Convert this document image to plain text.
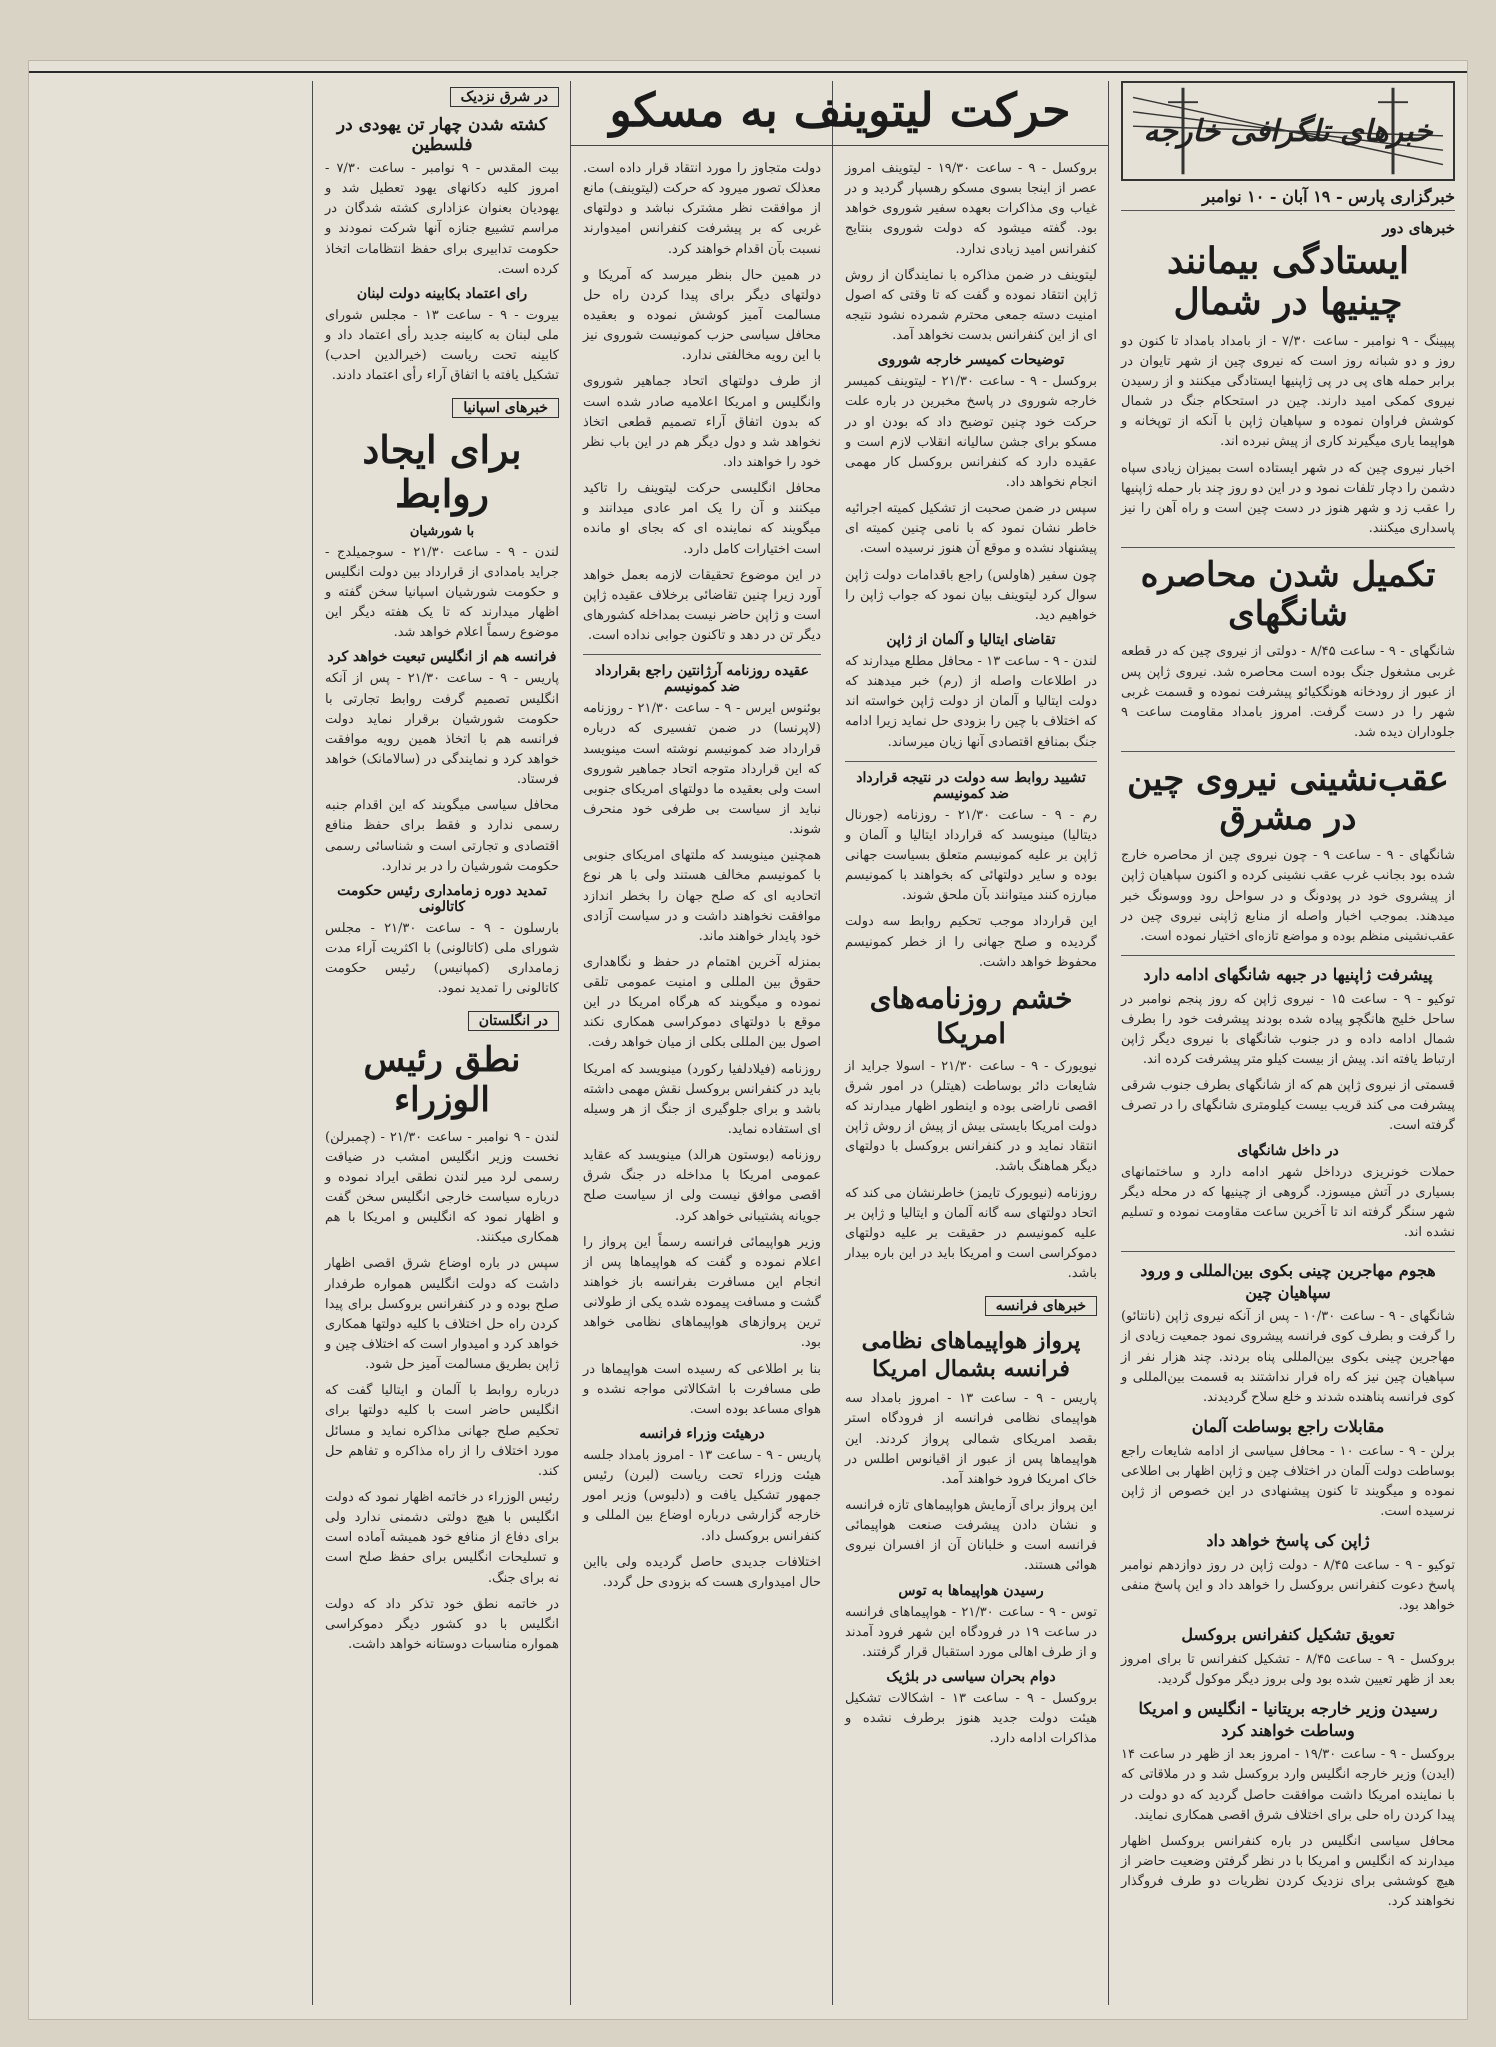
خبرهای تلگرافی خارجه
خبرگزاری پارس - ۱۹ آبان - ۱۰ نوامبر
خبرهای دور
ایستادگی بیمانند چینیها در شمال

پیپینگ - ۹ نوامبر - ساعت ۷/۳۰ - از بامداد بامداد تا کنون دو روز و دو شبانه روز است که نیروی چین از شهر تایوان در برابر حمله های پی در پی ژاپنیها ایستادگی میکنند و از رسیدن نیروی کمکی امید دارند. چین در استحکام جنگ در شمال کوشش فراوان نموده و سپاهیان ژاپن با آنکه از توپخانه و هواپیما یاری میگیرند کاری از پیش نبرده اند.

اخبار نیروی چین که در شهر ایستاده است بمیزان زیادی سپاه دشمن را دچار تلفات نمود و در این دو روز چند بار حمله ژاپنیها را عقب زد و شهر هنوز در دست چین است و راه آهن را نیز پاسداری میکنند.

تکمیل شدن محاصره شانگهای

شانگهای - ۹ - ساعت ۸/۴۵ - دولتی از نیروی چین که در قطعه غربی مشغول جنگ بوده است محاصره شد. نیروی ژاپن پس از عبور از رودخانه هونگکیائو پیشرفت نموده و قسمت غربی شهر را در دست گرفت. امروز بامداد مقاومت ساعت ۹ جلوداران دیده شد.

عقب‌نشینی نیروی چین در مشرق

شانگهای - ۹ - ساعت ۹ - چون نیروی چین از محاصره خارج شده بود بجانب غرب عقب نشینی کرده و اکنون سپاهیان ژاپن از پیشروی خود در پودونگ و در سواحل رود ووسونگ خبر میدهند. بموجب اخبار واصله از منابع ژاپنی نیروی چین در عقب‌نشینی منظم بوده و مواضع تازه‌ای اختیار نموده است.

پیشرفت ژاپنیها در جبهه شانگهای ادامه دارد

توکیو - ۹ - ساعت ۱۵ - نیروی ژاپن که روز پنجم نوامبر در ساحل خلیج هانگچو پیاده شده بودند پیشرفت خود را بطرف شمال ادامه داده و در جنوب شانگهای با نیروی دیگر ژاپن ارتباط یافته اند. پیش از بیست کیلو متر پیشرفت کرده اند.

قسمتی از نیروی ژاپن هم که از شانگهای بطرف جنوب شرقی پیشرفت می کند قریب بیست کیلومتری شانگهای را در تصرف گرفته است.

در داخل شانگهای

حملات خونریزی درداخل شهر ادامه دارد و ساختمانهای بسیاری در آتش میسوزد. گروهی از چینیها که در محله دیگر شهر سنگر گرفته اند تا آخرین ساعت مقاومت نموده و تسلیم نشده اند.

هجوم مهاجرین چینی بکوی بین‌المللی و ورود سپاهیان چین

شانگهای - ۹ - ساعت ۱۰/۳۰ - پس از آنکه نیروی ژاپن (نانتائو) را گرفت و بطرف کوی فرانسه پیشروی نمود جمعیت زیادی از مهاجرین چینی بکوی بین‌المللی پناه بردند. چند هزار نفر از سپاهیان چین نیز که راه فرار نداشتند به قسمت بین‌المللی و کوی فرانسه پناهنده شدند و خلع سلاح گردیدند.

مقابلات راجع بوساطت آلمان

برلن - ۹ - ساعت ۱۰ - محافل سیاسی از ادامه شایعات راجع بوساطت دولت آلمان در اختلاف چین و ژاپن اظهار بی اطلاعی نموده و میگویند تا کنون پیشنهادی در این خصوص از ژاپن نرسیده است.

ژاپن کی پاسخ خواهد داد

توکیو - ۹ - ساعت ۸/۴۵ - دولت ژاپن در روز دوازدهم نوامبر پاسخ دعوت کنفرانس بروکسل را خواهد داد و این پاسخ منفی خواهد بود.

تعویق تشکیل کنفرانس بروکسل

بروکسل - ۹ - ساعت ۸/۴۵ - تشکیل کنفرانس تا برای امروز بعد از ظهر تعیین شده بود ولی بروز دیگر موکول گردید.

رسیدن وزیر خارجه بریتانیا - انگلیس و امریکا وساطت خواهند کرد

بروکسل - ۹ - ساعت ۱۹/۳۰ - امروز بعد از ظهر در ساعت ۱۴ (ایدن) وزیر خارجه انگلیس وارد بروکسل شد و در ملاقاتی که با نماینده امریکا داشت موافقت حاصل گردید که دو دولت در پیدا کردن راه حلی برای اختلاف شرق اقصی همکاری نمایند.

محافل سیاسی انگلیس در باره کنفرانس بروکسل اظهار میدارند که انگلیس و امریکا با در نظر گرفتن وضعیت حاضر از هیچ کوششی برای نزدیک کردن نظریات دو طرف فروگذار نخواهند کرد.

حرکت لیتوینف به مسکو

بروکسل - ۹ - ساعت ۱۹/۳۰ - لیتوینف امروز عصر از اینجا بسوی مسکو رهسپار گردید و در غیاب وی مذاکرات بعهده سفیر شوروی خواهد بود. گفته میشود که دولت شوروی بنتایج کنفرانس امید زیادی ندارد.

لیتوینف در ضمن مذاکره با نمایندگان از روش ژاپن انتقاد نموده و گفت که تا وقتی که اصول امنیت دسته جمعی محترم شمرده نشود نتیجه ای از این کنفرانس بدست نخواهد آمد.

توضیحات کمیسر خارجه شوروی

بروکسل - ۹ - ساعت ۲۱/۳۰ - لیتوینف کمیسر خارجه شوروی در پاسخ مخبرین در باره علت حرکت خود چنین توضیح داد که بودن او در مسکو برای جشن سالیانه انقلاب لازم است و عقیده دارد که کنفرانس بروکسل کار مهمی انجام نخواهد داد.

سپس در ضمن صحبت از تشکیل کمیته اجرائیه خاطر نشان نمود که با نامی چنین کمیته ای پیشنهاد نشده و موقع آن هنوز نرسیده است.

چون سفیر (هاولس) راجع باقدامات دولت ژاپن سوال کرد لیتوینف بیان نمود که جواب ژاپن را خواهیم دید.

تقاضای ایتالیا و آلمان از ژاپن

لندن - ۹ - ساعت ۱۳ - محافل مطلع میدارند که در اطلاعات واصله از (رم) خبر میدهند که دولت ایتالیا و آلمان از دولت ژاپن خواسته اند که اختلاف با چین را بزودی حل نماید زیرا ادامه جنگ بمنافع اقتصادی آنها زیان میرساند.

تشیید روابط سه دولت در نتیجه قرارداد ضد کمونیسم

رم - ۹ - ساعت ۲۱/۳۰ - روزنامه (جورنال دیتالیا) مینویسد که قرارداد ایتالیا و آلمان و ژاپن بر علیه کمونیسم متعلق بسیاست جهانی بوده و سایر دولتهائی که بخواهند با کمونیسم مبارزه کنند میتوانند بآن ملحق شوند.

این قرارداد موجب تحکیم روابط سه دولت گردیده و صلح جهانی را از خطر کمونیسم محفوظ خواهد داشت.

خشم روزنامه‌های امریکا

نیویورک - ۹ - ساعت ۲۱/۳۰ - اسولا جراید از شایعات دائر بوساطت (هیتلر) در امور شرق اقصی ناراضی بوده و اینطور اظهار میدارند که دولت امریکا بایستی بیش از پیش از روش ژاپن انتقاد نماید و در کنفرانس بروکسل با دولتهای دیگر هماهنگ باشد.

روزنامه (نیویورک تایمز) خاطرنشان می کند که اتحاد دولتهای سه گانه آلمان و ایتالیا و ژاپن بر علیه کمونیسم در حقیقت بر علیه دولتهای دموکراسی است و امریکا باید در این باره بیدار باشد.

خبرهای فرانسه
پرواز هواپیماهای نظامی فرانسه بشمال امریکا

پاریس - ۹ - ساعت ۱۳ - امروز بامداد سه هواپیمای نظامی فرانسه از فرودگاه استر بقصد امریکای شمالی پرواز کردند. این هواپیماها پس از عبور از اقیانوس اطلس در خاک امریکا فرود خواهند آمد.

این پرواز برای آزمایش هواپیماهای تازه فرانسه و نشان دادن پیشرفت صنعت هواپیمائی فرانسه است و خلبانان آن از افسران نیروی هوائی هستند.

رسیدن هواپیماها به توس

توس - ۹ - ساعت ۲۱/۳۰ - هواپیماهای فرانسه در ساعت ۱۹ در فرودگاه این شهر فرود آمدند و از طرف اهالی مورد استقبال قرار گرفتند.

دوام بحران سیاسی در بلژیک

بروکسل - ۹ - ساعت ۱۳ - اشکالات تشکیل هیئت دولت جدید هنوز برطرف نشده و مذاکرات ادامه دارد.

دولت متجاوز را مورد انتقاد قرار داده است. معذلک تصور میرود که حرکت (لیتوینف) مانع از موافقت نظر مشترک نباشد و دولتهای غربی که بر پیشرفت کنفرانس امیدوارند نسبت بآن اقدام خواهند کرد.

در همین حال بنظر میرسد که آمریکا و دولتهای دیگر برای پیدا کردن راه حل مسالمت آمیز کوشش نموده و بعقیده محافل سیاسی حزب کمونیست شوروی نیز با این رویه مخالفتی ندارد.

از طرف دولتهای اتحاد جماهیر شوروی وانگلیس و امریکا اعلامیه صادر شده است که بدون اتفاق آراء تصمیم قطعی اتخاذ نخواهد شد و دول دیگر هم در این باب نظر خود را خواهند داد.

محافل انگلیسی حرکت لیتوینف را تاکید میکنند و آن را یک امر عادی میدانند و میگویند که نماینده ای که بجای او مانده است اختیارات کامل دارد.

در این موضوع تحقیقات لازمه بعمل خواهد آورد زیرا چنین تقاضائی برخلاف عقیده ژاپن است و ژاپن حاضر نیست بمداخله کشورهای دیگر تن در دهد و تاکنون جوابی نداده است.

عقیده روزنامه آرژانتین راجع بقرارداد ضد کمونیسم

بوئنوس ایرس - ۹ - ساعت ۲۱/۳۰ - روزنامه (لاپرنسا) در ضمن تفسیری که درباره قرارداد ضد کمونیسم نوشته است مینویسد که این قرارداد متوجه اتحاد جماهیر شوروی است ولی بعقیده ما دولتهای امریکای جنوبی نباید از سیاست بی طرفی خود منحرف شوند.

همچنین مینویسد که ملتهای امریکای جنوبی با کمونیسم مخالف هستند ولی با هر نوع اتحادیه ای که صلح جهان را بخطر اندازد موافقت نخواهند داشت و در سیاست آزادی خود پایدار خواهند ماند.

بمنزله آخرین اهتمام در حفظ و نگاهداری حقوق بین المللی و امنیت عمومی تلقی نموده و میگویند که هرگاه امریکا در این موقع با دولتهای دموکراسی همکاری نکند اصول بین المللی بکلی از میان خواهد رفت.

روزنامه (فیلادلفیا رکورد) مینویسد که امریکا باید در کنفرانس بروکسل نقش مهمی داشته باشد و برای جلوگیری از جنگ از هر وسیله ای استفاده نماید.

روزنامه (بوستون هرالد) مینویسد که عقاید عمومی امریکا با مداخله در جنگ شرق اقصی موافق نیست ولی از سیاست صلح جویانه پشتیبانی خواهد کرد.

وزیر هواپیمائی فرانسه رسماً این پرواز را اعلام نموده و گفت که هواپیماها پس از انجام این مسافرت بفرانسه باز خواهند گشت و مسافت پیموده شده یکی از طولانی ترین پروازهای هواپیماهای نظامی خواهد بود.

بنا بر اطلاعی که رسیده است هواپیماها در طی مسافرت با اشکالاتی مواجه نشده و هوای مساعد بوده است.

درهیئت وزراء فرانسه

پاریس - ۹ - ساعت ۱۳ - امروز بامداد جلسه هیئت وزراء تحت ریاست (لبرن) رئیس جمهور تشکیل یافت و (دلبوس) وزیر امور خارجه گزارشی درباره اوضاع بین المللی و کنفرانس بروکسل داد.

اختلافات جدیدی حاصل گردیده ولی بااین حال امیدواری هست که بزودی حل گردد.

در شرق نزدیک
کشته شدن چهار تن یهودی در فلسطین

بیت المقدس - ۹ نوامبر - ساعت ۷/۳۰ - امروز کلیه دکانهای یهود تعطیل شد و یهودیان بعنوان عزاداری کشته شدگان در مراسم تشییع جنازه آنها شرکت نمودند و حکومت تدابیری برای حفظ انتظامات اتخاذ کرده است.

رای اعتماد بکابینه دولت لبنان

بیروت - ۹ - ساعت ۱۳ - مجلس شورای ملی لبنان به کابینه جدید رأی اعتماد داد و کابینه تحت ریاست (خیرالدین احدب) تشکیل یافته با اتفاق آراء رأی اعتماد دادند.

خبرهای اسپانیا
برای ایجاد روابط
با شورشیان

لندن - ۹ - ساعت ۲۱/۳۰ - سوجمیلدج - جراید بامدادی از قرارداد بین دولت انگلیس و حکومت شورشیان اسپانیا سخن گفته و اظهار میدارند که تا یک هفته دیگر این موضوع رسماً اعلام خواهد شد.

فرانسه هم از انگلیس تبعیت خواهد کرد

پاریس - ۹ - ساعت ۲۱/۳۰ - پس از آنکه انگلیس تصمیم گرفت روابط تجارتی با حکومت شورشیان برقرار نماید دولت فرانسه هم با اتخاذ همین رویه موافقت خواهد کرد و نمایندگی در (سالامانک) خواهد فرستاد.

محافل سیاسی میگویند که این اقدام جنبه رسمی ندارد و فقط برای حفظ منافع اقتصادی و تجارتی است و شناسائی رسمی حکومت شورشیان را در بر ندارد.

تمدید دوره زمامداری رئیس حکومت کاتالونی

بارسلون - ۹ - ساعت ۲۱/۳۰ - مجلس شورای ملی (کاتالونی) با اکثریت آراء مدت زمامداری (کمپانیس) رئیس حکومت کاتالونی را تمدید نمود.

در انگلستان
نطق رئیس الوزراء

لندن - ۹ نوامبر - ساعت ۲۱/۳۰ - (چمبرلن) نخست وزیر انگلیس امشب در ضیافت رسمی لرد میر لندن نطقی ایراد نموده و درباره سیاست خارجی انگلیس سخن گفت و اظهار نمود که انگلیس و امریکا با هم همکاری میکنند.

سپس در باره اوضاع شرق اقصی اظهار داشت که دولت انگلیس همواره طرفدار صلح بوده و در کنفرانس بروکسل برای پیدا کردن راه حل اختلاف با کلیه دولتها همکاری خواهد کرد و امیدوار است که اختلاف چین و ژاپن بطریق مسالمت آمیز حل شود.

درباره روابط با آلمان و ایتالیا گفت که انگلیس حاضر است با کلیه دولتها برای تحکیم صلح جهانی مذاکره نماید و مسائل مورد اختلاف را از راه مذاکره و تفاهم حل کند.

رئیس الوزراء در خاتمه اظهار نمود که دولت انگلیس با هیچ دولتی دشمنی ندارد ولی برای دفاع از منافع خود همیشه آماده است و تسلیحات انگلیس برای حفظ صلح است نه برای جنگ.

در خاتمه نطق خود تذکر داد که دولت انگلیس با دو کشور دیگر دموکراسی همواره مناسبات دوستانه خواهد داشت.
